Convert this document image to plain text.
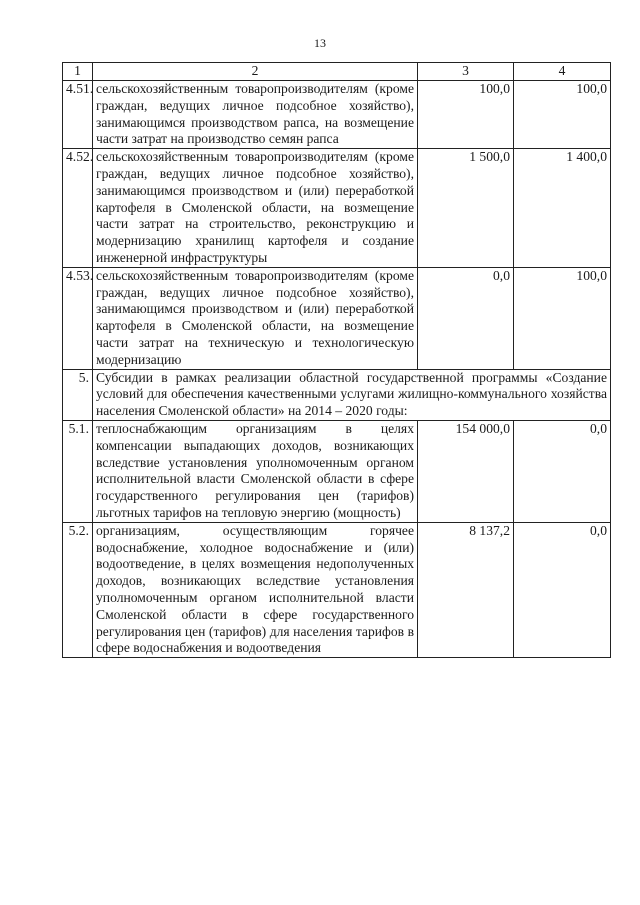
13
1	2	3	4
4.51.	сельскохозяйственным товаропроизводителям (кроме граждан, ведущих личное подсобное хозяйство), занимающимся производством рапса, на возмещение части затрат на производство семян рапса	100,0	100,0
4.52.	сельскохозяйственным товаропроизводителям (кроме граждан, ведущих личное подсобное хозяйство), занимающимся производством и (или) переработкой картофеля в Смоленской области, на возмещение части затрат на строительство, реконструкцию и модернизацию хранилищ картофеля и создание инженерной инфраструктуры	1 500,0	1 400,0
4.53.	сельскохозяйственным товаропроизводителям (кроме граждан, ведущих личное подсобное хозяйство), занимающимся производством и (или) переработкой картофеля в Смоленской области, на возмещение части затрат на техническую и технологическую модернизацию	0,0	100,0
5.	Субсидии в рамках реализации областной государственной программы «Создание условий для обеспечения качественными услугами жилищно-коммунального хозяйства населения Смоленской области» на 2014 – 2020 годы:		
5.1.	теплоснабжающим организациям в целях компенсации выпадающих доходов, возникающих вследствие установления уполномоченным органом исполнительной власти Смоленской области в сфере государственного регулирования цен (тарифов) льготных тарифов на тепловую энергию (мощность)	154 000,0	0,0
5.2.	организациям, осуществляющим горячее водоснабжение, холодное водоснабжение и (или) водоотведение, в целях возмещения недополученных доходов, возникающих вследствие установления уполномоченным органом исполнительной власти Смоленской области в сфере государственного регулирования цен (тарифов) для населения тарифов в сфере водоснабжения и водоотведения	8 137,2	0,0
